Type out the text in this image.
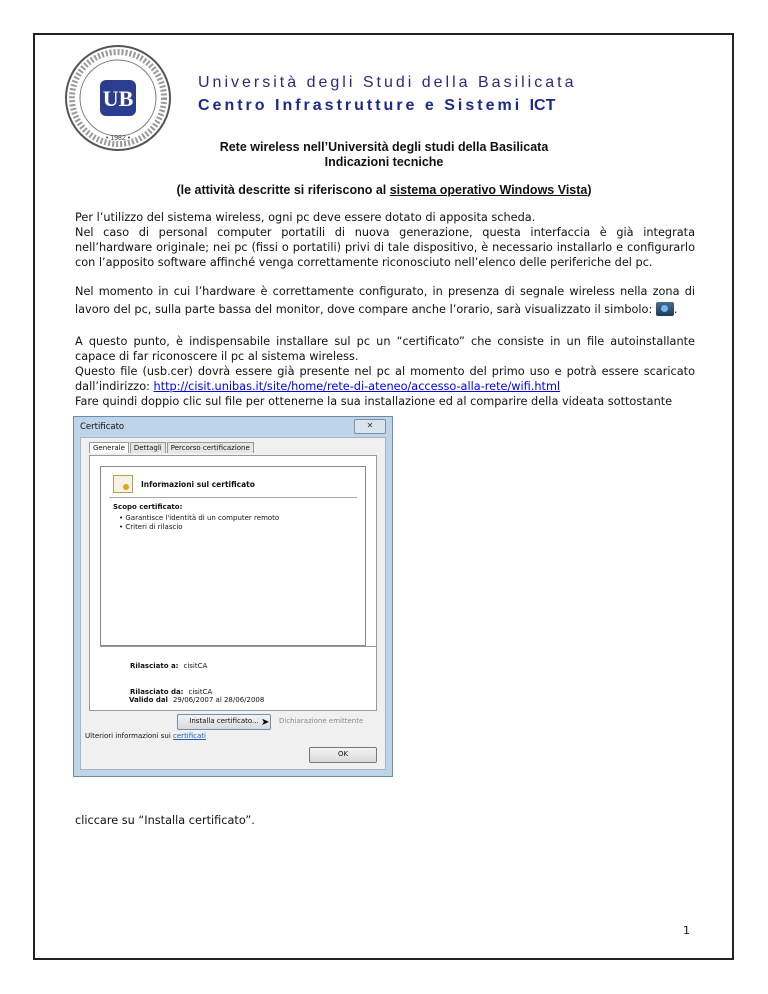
UB
• 1982 •
Università degli Studi della Basilicata
Centro Infrastrutture e Sistemi ICT
Rete wireless nell’Università degli studi della Basilicata
Indicazioni tecniche
(le attività descritte si riferiscono al sistema operativo Windows Vista)
Per l’utilizzo del sistema wireless, ogni pc deve essere dotato di apposita scheda.
Nel caso di personal computer portatili di nuova generazione, questa interfaccia è già integrata nell’hardware originale; nei pc (fissi o portatili) privi di tale dispositivo, è necessario installarlo e configurarlo con l’apposito software affinché venga correttamente riconosciuto nell’elenco delle periferiche del pc.
Nel momento in cui l’hardware è correttamente configurato, in presenza di segnale wireless nella zona di lavoro del pc, sulla parte bassa del monitor, dove compare anche l’orario, sarà visualizzato il simbolo: .
A questo punto, è indispensabile installare sul pc un “certificato” che consiste in un file autoinstallante capace di far riconoscere il pc al sistema wireless.
Questo file (usb.cer) dovrà essere già presente nel pc al momento del primo uso e potrà essere scaricato dall’indirizzo: http://cisit.unibas.it/site/home/rete-di-ateneo/accesso-alla-rete/wifi.html
Fare quindi doppio clic sul file per ottenerne la sua installazione ed al comparire della videata sottostante
Certificato	✕
Generale	Dettagli	Percorso certificazione
Informazioni sul certificato
Scopo certificato:
• Garantisce l'identità di un computer remoto
• Criteri di rilascio
Rilasciato a: cisitCA
Rilasciato da: cisitCA
Valido dal 29/06/2007 al 28/06/2008
Installa certificato... ➤ Dichiarazione emittente
Ulteriori informazioni sui certificati
OK
cliccare su “Installa certificato”.
1
